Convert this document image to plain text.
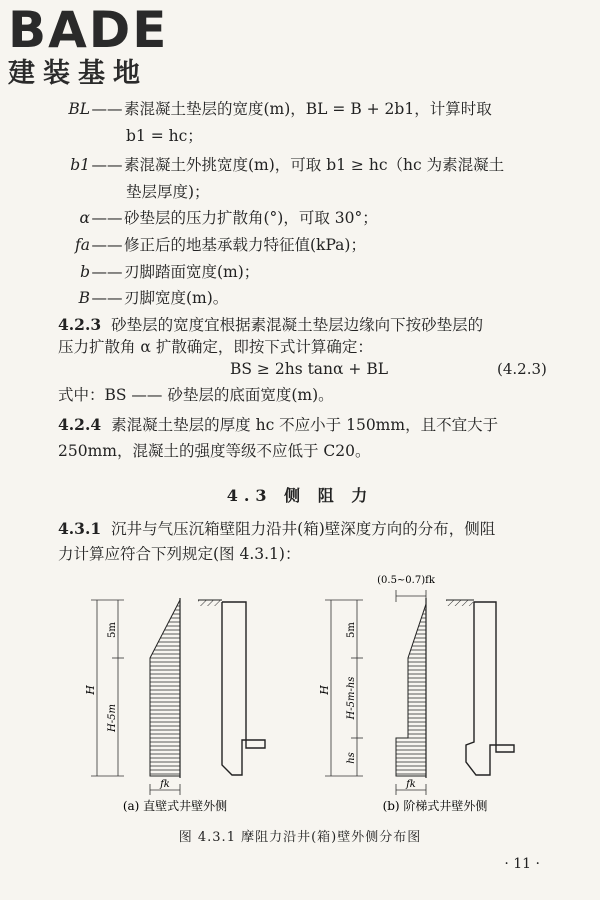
BADE
建装基地
BL——素混凝土垫层的宽度(m)，BL = B + 2b1，计算时取
b1 = hc；
b1——素混凝土外挑宽度(m)，可取 b1 ≥ hc（hc 为素混凝土
垫层厚度)；
α——砂垫层的压力扩散角(°)，可取 30°；
fa——修正后的地基承载力特征值(kPa)；
b——刃脚踏面宽度(m)；
B——刃脚宽度(m)。
4.2.3 砂垫层的宽度宜根据素混凝土垫层边缘向下按砂垫层的
压力扩散角 α 扩散确定，即按下式计算确定：
BS ≥ 2hs tanα + BL	(4.2.3)
式中：BS —— 砂垫层的底面宽度(m)。
4.2.4 素混凝土垫层的厚度 hc 不应小于 150mm，且不宜大于
250mm，混凝土的强度等级不应低于 C20。
4.3 侧 阻 力
4.3.1 沉井与气压沉箱壁阻力沿井(箱)壁深度方向的分布，侧阻
力计算应符合下列规定(图 4.3.1)：
H
5m
H-5m
fk
H
5m
H-5m-hs
hs
(0.5~0.7)fk
fk
(a) 直壁式井壁外侧	(b) 阶梯式井壁外侧
图 4.3.1 摩阻力沿井(箱)壁外侧分布图
· 11 ·
